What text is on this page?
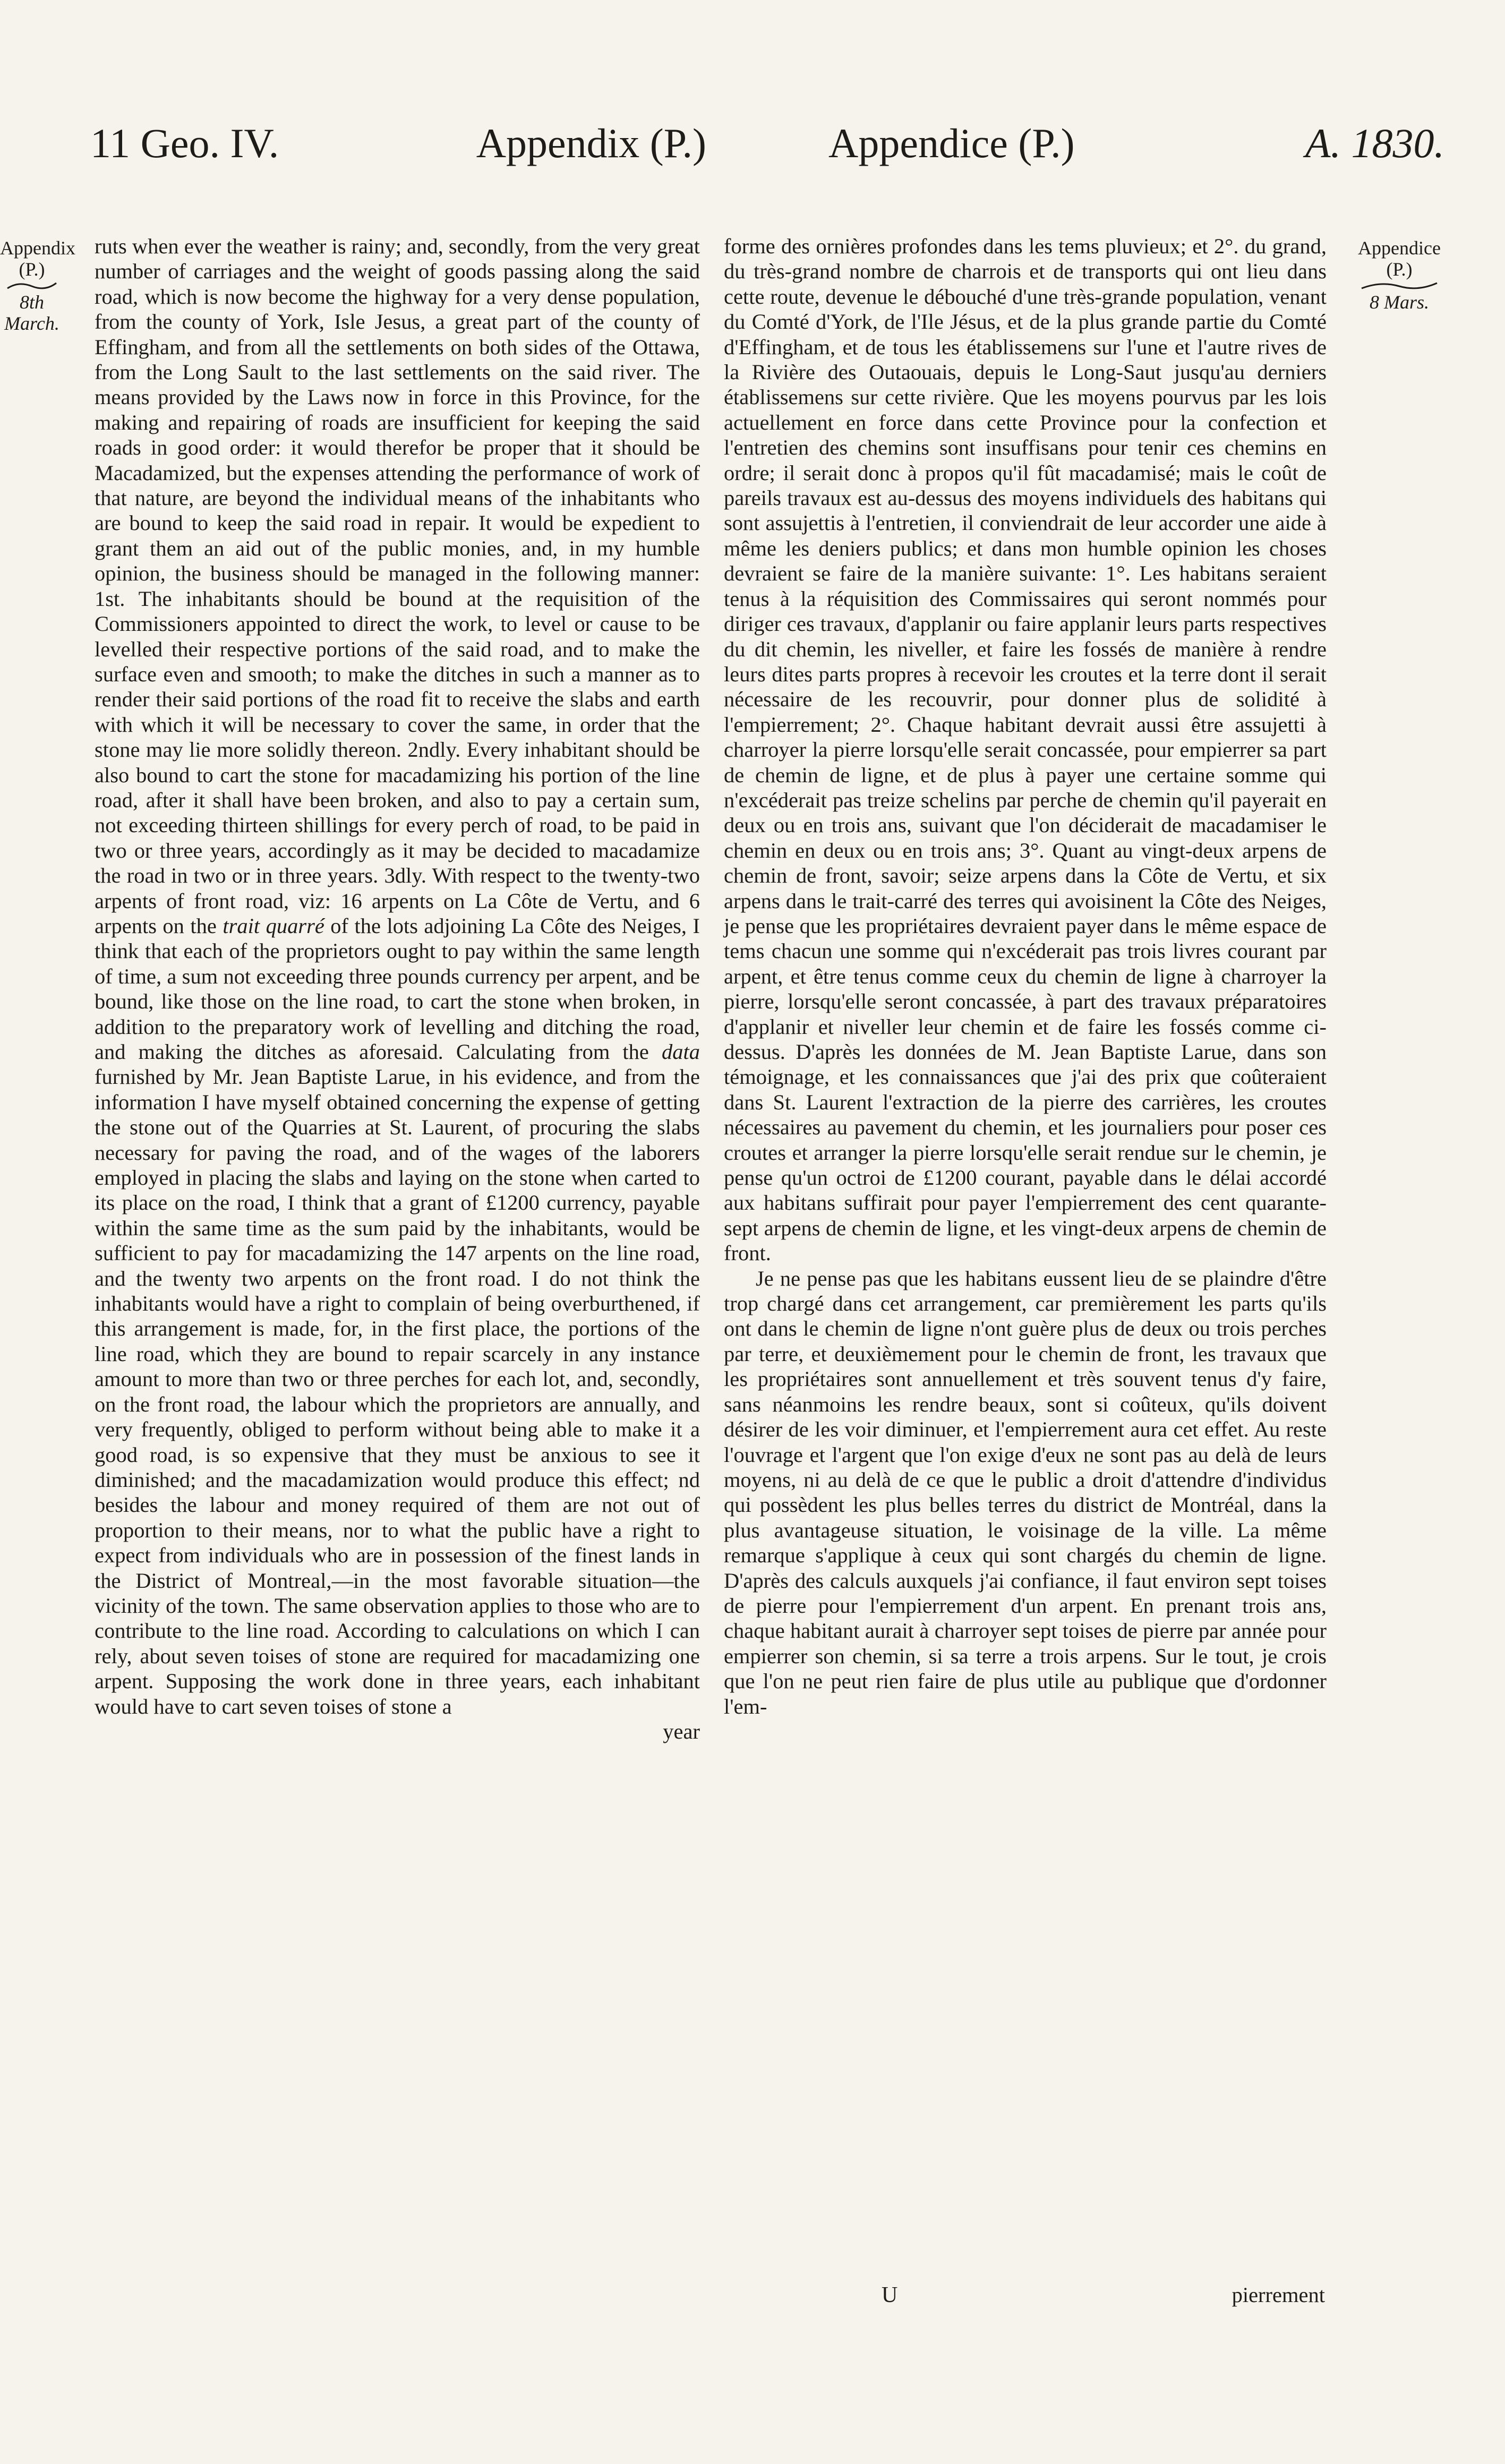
11 Geo. IV.	Appendix (P.)	Appendice (P.)	A. 1830.
Appendix
(P.)
8th March.
Appendice
(P.)
8 Mars.

ruts when ever the weather is rainy; and, secondly, from the very great number of carriages and the weight of goods passing along the said road, which is now become the highway for a very dense population, from the county of York, Isle Jesus, a great part of the county of Effingham, and from all the settlements on both sides of the Ottawa, from the Long Sault to the last settlements on the said river. The means provided by the Laws now in force in this Province, for the making and repairing of roads are insufficient for keeping the said roads in good order: it would therefor be proper that it should be Macadamized, but the expenses attending the performance of work of that nature, are beyond the individual means of the inhabitants who are bound to keep the said road in repair. It would be expedient to grant them an aid out of the public monies, and, in my humble opinion, the business should be managed in the following manner: 1st. The inhabitants should be bound at the requisition of the Commissioners appointed to direct the work, to level or cause to be levelled their respective portions of the said road, and to make the surface even and smooth; to make the ditches in such a manner as to render their said portions of the road fit to receive the slabs and earth with which it will be necessary to cover the same, in order that the stone may lie more solidly thereon. 2ndly. Every inhabitant should be also bound to cart the stone for macadamizing his portion of the line road, after it shall have been broken, and also to pay a certain sum, not exceeding thirteen shillings for every perch of road, to be paid in two or three years, accordingly as it may be decided to macadamize the road in two or in three years. 3dly. With respect to the twenty-two arpents of front road, viz: 16 arpents on La Côte de Vertu, and 6 arpents on the trait quarré of the lots adjoining La Côte des Neiges, I think that each of the proprietors ought to pay within the same length of time, a sum not exceeding three pounds currency per arpent, and be bound, like those on the line road, to cart the stone when broken, in addition to the preparatory work of levelling and ditching the road, and making the ditches as aforesaid. Calculating from the data furnished by Mr. Jean Baptiste Larue, in his evidence, and from the information I have myself obtained concerning the expense of getting the stone out of the Quarries at St. Laurent, of procuring the slabs necessary for paving the road, and of the wages of the laborers employed in placing the slabs and laying on the stone when carted to its place on the road, I think that a grant of £1200 currency, payable within the same time as the sum paid by the inhabitants, would be sufficient to pay for macadamizing the 147 arpents on the line road, and the twenty two arpents on the front road. I do not think the inhabitants would have a right to complain of being overburthened, if this arrangement is made, for, in the first place, the portions of the line road, which they are bound to repair scarcely in any instance amount to more than two or three perches for each lot, and, secondly, on the front road, the labour which the proprietors are annually, and very frequently, obliged to perform without being able to make it a good road, is so expensive that they must be anxious to see it diminished; and the macadamization would produce this effect; nd besides the labour and money required of them are not out of proportion to their means, nor to what the public have a right to expect from individuals who are in possession of the finest lands in the District of Montreal,—in the most favorable situation—the vicinity of the town. The same observation applies to those who are to contribute to the line road. According to calculations on which I can rely, about seven toises of stone are required for macadamizing one arpent. Supposing the work done in three years, each inhabitant would have to cart seven toises of stone a

year

forme des ornières profondes dans les tems pluvieux; et 2°. du grand, du très-grand nombre de charrois et de transports qui ont lieu dans cette route, devenue le débouché d'une très-grande population, venant du Comté d'York, de l'Ile Jésus, et de la plus grande partie du Comté d'Effingham, et de tous les établissemens sur l'une et l'autre rives de la Rivière des Outaouais, depuis le Long-Saut jusqu'au derniers établissemens sur cette rivière. Que les moyens pourvus par les lois actuellement en force dans cette Province pour la confection et l'entretien des chemins sont insuffisans pour tenir ces chemins en ordre; il serait donc à propos qu'il fût macadamisé; mais le coût de pareils travaux est au-dessus des moyens individuels des habitans qui sont assujettis à l'entretien, il conviendrait de leur accorder une aide à même les deniers publics; et dans mon humble opinion les choses devraient se faire de la manière suivante: 1°. Les habitans seraient tenus à la réquisition des Commissaires qui seront nommés pour diriger ces travaux, d'applanir ou faire applanir leurs parts respectives du dit chemin, les niveller, et faire les fossés de manière à rendre leurs dites parts propres à recevoir les croutes et la terre dont il serait nécessaire de les recouvrir, pour donner plus de solidité à l'empierrement; 2°. Chaque habitant devrait aussi être assujetti à charroyer la pierre lorsqu'elle serait concassée, pour empierrer sa part de chemin de ligne, et de plus à payer une certaine somme qui n'excéderait pas treize schelins par perche de chemin qu'il payerait en deux ou en trois ans, suivant que l'on déciderait de macadamiser le chemin en deux ou en trois ans; 3°. Quant au vingt-deux arpens de chemin de front, savoir; seize arpens dans la Côte de Vertu, et six arpens dans le trait-carré des terres qui avoisinent la Côte des Neiges, je pense que les propriétaires devraient payer dans le même espace de tems chacun une somme qui n'excéderait pas trois livres courant par arpent, et être tenus comme ceux du chemin de ligne à charroyer la pierre, lorsqu'elle seront concassée, à part des travaux préparatoires d'applanir et niveller leur chemin et de faire les fossés comme ci-dessus. D'après les données de M. Jean Baptiste Larue, dans son témoignage, et les connaissances que j'ai des prix que coûteraient dans St. Laurent l'extraction de la pierre des carrières, les croutes nécessaires au pavement du chemin, et les journaliers pour poser ces croutes et arranger la pierre lorsqu'elle serait rendue sur le chemin, je pense qu'un octroi de £1200 courant, payable dans le délai accordé aux habitans suffirait pour payer l'empierrement des cent quarante-sept arpens de chemin de ligne, et les vingt-deux arpens de chemin de front.

Je ne pense pas que les habitans eussent lieu de se plaindre d'être trop chargé dans cet arrangement, car premièrement les parts qu'ils ont dans le chemin de ligne n'ont guère plus de deux ou trois perches par terre, et deuxièmement pour le chemin de front, les travaux que les propriétaires sont annuellement et très souvent tenus d'y faire, sans néanmoins les rendre beaux, sont si coûteux, qu'ils doivent désirer de les voir diminuer, et l'empierrement aura cet effet. Au reste l'ouvrage et l'argent que l'on exige d'eux ne sont pas au delà de leurs moyens, ni au delà de ce que le public a droit d'attendre d'individus qui possèdent les plus belles terres du district de Montréal, dans la plus avantageuse situation, le voisinage de la ville. La même remarque s'applique à ceux qui sont chargés du chemin de ligne. D'après des calculs auxquels j'ai confiance, il faut environ sept toises de pierre pour l'empierrement d'un arpent. En prenant trois ans, chaque habitant aurait à charroyer sept toises de pierre par année pour empierrer son chemin, si sa terre a trois arpens. Sur le tout, je crois que l'on ne peut rien faire de plus utile au publique que d'ordonner l'em-

U	pierrement
